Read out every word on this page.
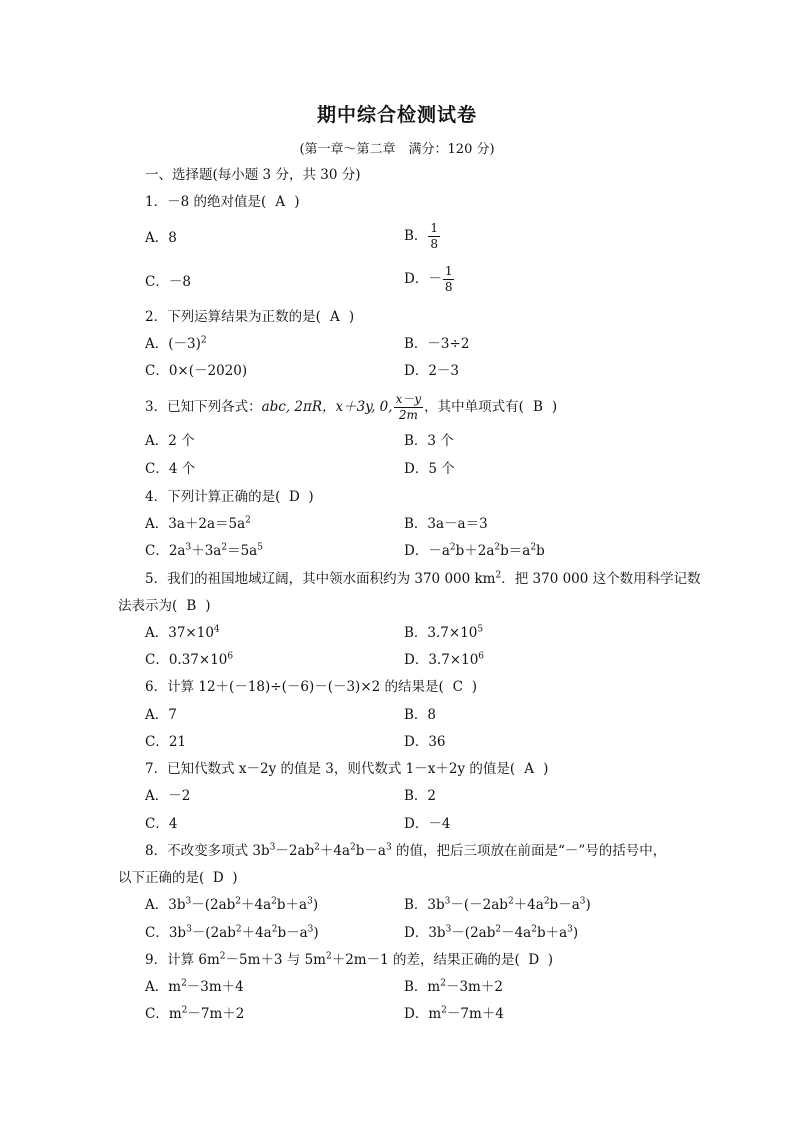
期中综合检测试卷
(第一章～第二章　满分：120 分)
一、选择题(每小题 3 分，共 30 分)
1．－8 的绝对值是( A )
A．8	B． $\frac{1}{8}$
C．－8	D．－ $\frac{1}{8}$
2．下列运算结果为正数的是( A )
A．$(-3)^2$	B．－3÷2
C．0×(－2020)	D．2－3
3．已知下列各式：abc, 2πR，x＋3y, 0, $\frac{x-y}{2m}$ ，其中单项式有( B )
A．2 个	B．3 个
C．4 个	D．5 个
4．下列计算正确的是( D )
A．$3a+2a=5a^2$	B．3a－a＝3
C．$2a^3+3a^2=5a^5$	D．$-a^2b+2a^2b=a^2b$
5．我们的祖国地域辽阔，其中领水面积约为 370 000 $km^2$．把 370 000 这个数用科学记数
法表示为( B )
A．$37\times 10^4$	B．$3.7\times 10^5$
C．$0.37\times 10^6$	D．$3.7\times 10^6$
6．计算 12＋(－18)÷(－6)－(－3)×2 的结果是( C )
A．7	B．8
C．21	D．36
7．已知代数式 x－2y 的值是 3，则代数式 1－x＋2y 的值是( A )
A．－2	B．2
C．4	D．－4
8．不改变多项式 $3b^3-2ab^2+4a^2b-a^3$ 的值，把后三项放在前面是“－”号的括号中，
以下正确的是( D )
A．$3b^3-(2ab^2+4a^2b+a^3)$	B．$3b^3-(-2ab^2+4a^2b-a^3)$
C．$3b^3-(2ab^2+4a^2b-a^3)$	D．$3b^3-(2ab^2-4a^2b+a^3)$
9．计算 $6m^2-5m+3$ 与 $5m^2+2m-1$ 的差，结果正确的是( D )
A．$m^2-3m+4$	B．$m^2-3m+2$
C．$m^2-7m+2$	D．$m^2-7m+4$
